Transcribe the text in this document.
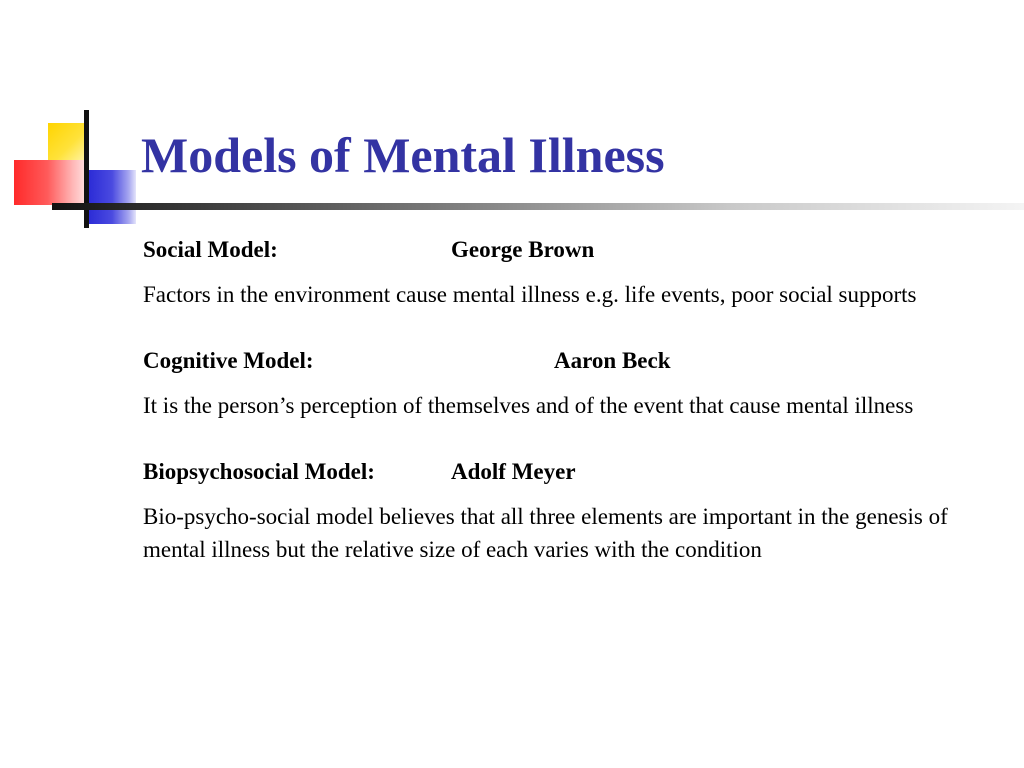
Models of Mental Illness
Social Model:	George Brown

Factors in the environment cause mental illness e.g. life events, poor social supports

Cognitive Model:	Aaron Beck

It is the person’s perception of themselves and of the event that cause mental illness

Biopsychosocial Model:	Adolf Meyer

Bio-psycho-social model believes that all three elements are important in the genesis of mental illness but the relative size of each varies with the condition
